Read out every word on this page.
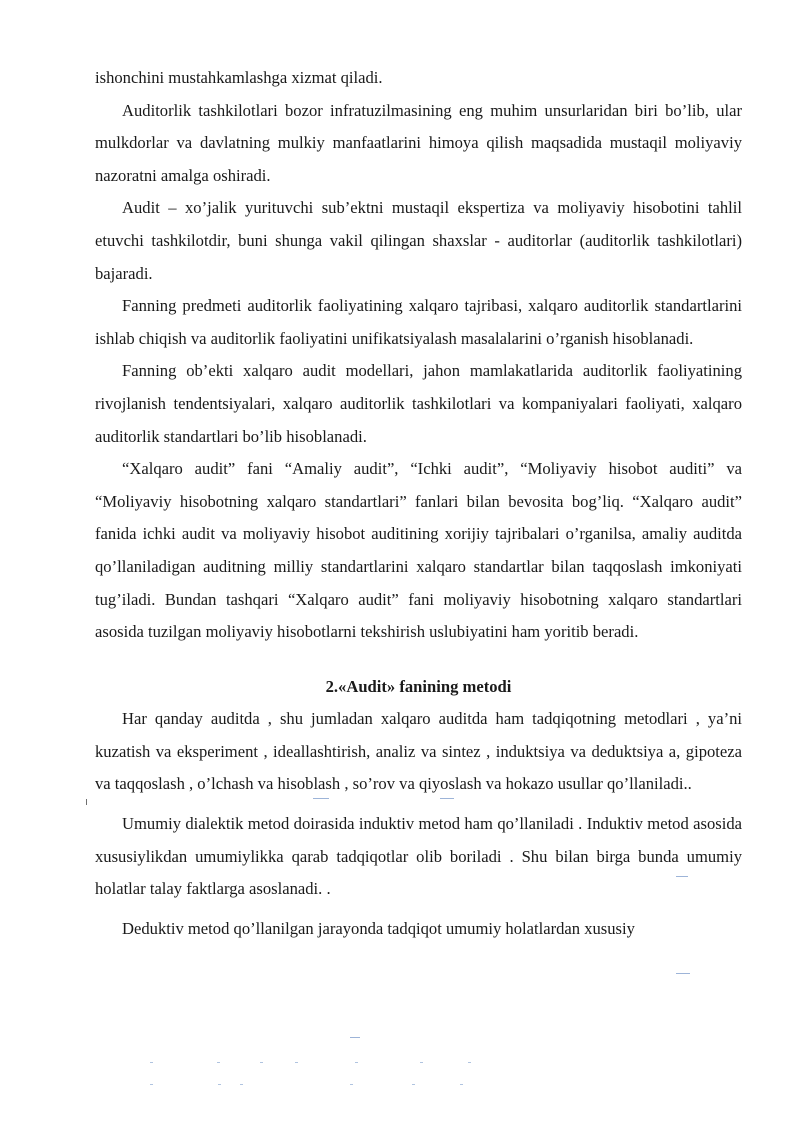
ishonchini mustahkamlashga xizmat qiladi.

Auditorlik tashkilotlari bozor infratuzilmasining eng muhim unsurlaridan biri bo’lib, ular mulkdorlar va davlatning mulkiy manfaatlarini himoya qilish maqsadida mustaqil moliyaviy nazoratni amalga oshiradi.

Audit – xo’jalik yurituvchi sub’ektni mustaqil ekspertiza va moliyaviy hisobotini tahlil etuvchi tashkilotdir, buni shunga vakil qilingan shaxslar - auditorlar (auditorlik tashkilotlari) bajaradi.

Fanning predmeti auditorlik faoliyatining xalqaro tajribasi, xalqaro auditorlik standartlarini ishlab chiqish va auditorlik faoliyatini unifikatsiyalash masalalarini o’rganish hisoblanadi.

Fanning ob’ekti xalqaro audit modellari, jahon mamlakatlarida auditorlik faoliyatining rivojlanish tendentsiyalari, xalqaro auditorlik tashkilotlari va kompaniyalari faoliyati, xalqaro auditorlik standartlari bo’lib hisoblanadi.

“Xalqaro audit” fani “Amaliy audit”, “Ichki audit”, “Moliyaviy hisobot auditi” va “Moliyaviy hisobotning xalqaro standartlari” fanlari bilan bevosita bog’liq. “Xalqaro audit” fanida ichki audit va moliyaviy hisobot auditining xorijiy tajribalari o’rganilsa, amaliy auditda qo’llaniladigan auditning milliy standartlarini xalqaro standartlar bilan taqqoslash imkoniyati tug’iladi. Bundan tashqari “Xalqaro audit” fani moliyaviy hisobotning xalqaro standartlari asosida tuzilgan moliyaviy hisobotlarni tekshirish uslubiyatini ham yoritib beradi.

2.«Audit» fanining metodi

Har qanday auditda , shu jumladan xalqaro auditda ham tadqiqotning metodlari , ya’ni kuzatish va eksperiment , ideallashtirish, analiz va sintez , induktsiya va deduktsiya a, gipoteza va taqqoslash , o’lchash va hisoblash , so’rov va qiyoslash va hokazo usullar qo’llaniladi..

Umumiy dialektik metod doirasida induktiv metod ham qo’llaniladi . Induktiv metod asosida xususiylikdan umumiylikka qarab tadqiqotlar olib boriladi . Shu bilan birga bunda umumiy holatlar talay faktlarga asoslanadi. .

Deduktiv metod qo’llanilgan jarayonda tadqiqot umumiy holatlardan xususiy
